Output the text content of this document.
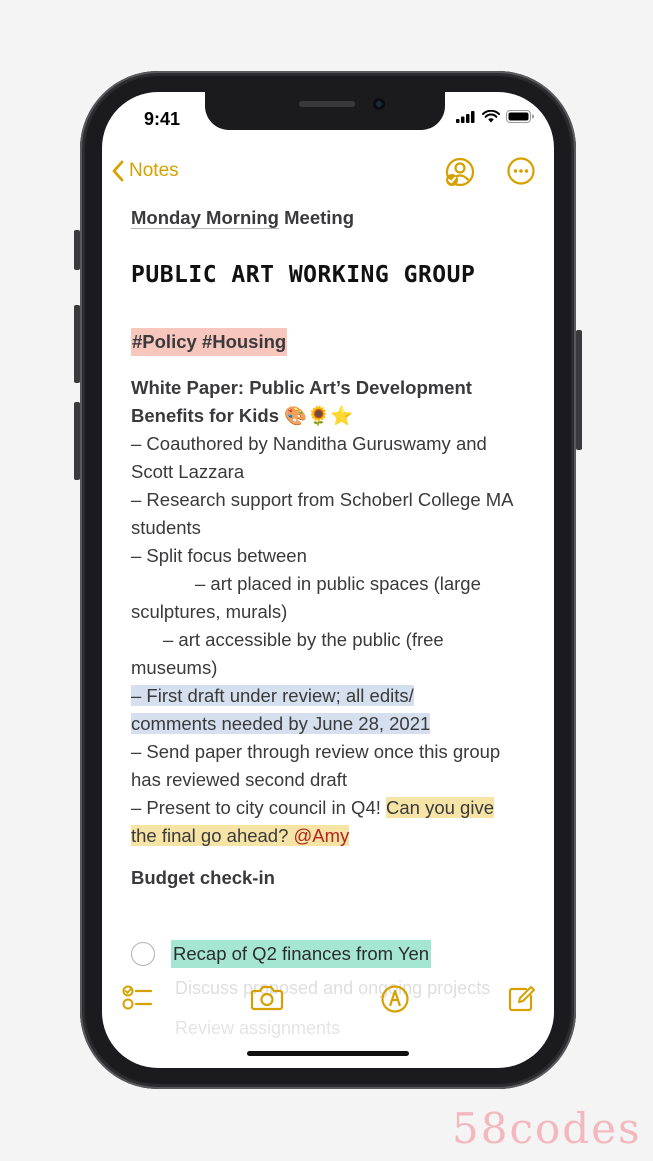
9:41
Notes
Monday Morning Meeting
PUBLIC ART WORKING GROUP
#Policy #Housing
White Paper: Public Art’s Development
Benefits for Kids 🎨🌻⭐
– Coauthored by Nanditha Guruswamy and Scott Lazzara
– Research support from Schoberl College MA students
– Split focus between
– art placed in public spaces (large sculptures, murals)
– art accessible by the public (free museums)
– First draft under review; all edits/
comments needed by June 28, 2021
– Send paper through review once this group has reviewed second draft
– Present to city council in Q4! Can you give
the final go ahead? @Amy
Budget check-in
Recap of Q2 finances from Yen
Discuss proposed and ongoing projects
Review assignments
58codes
